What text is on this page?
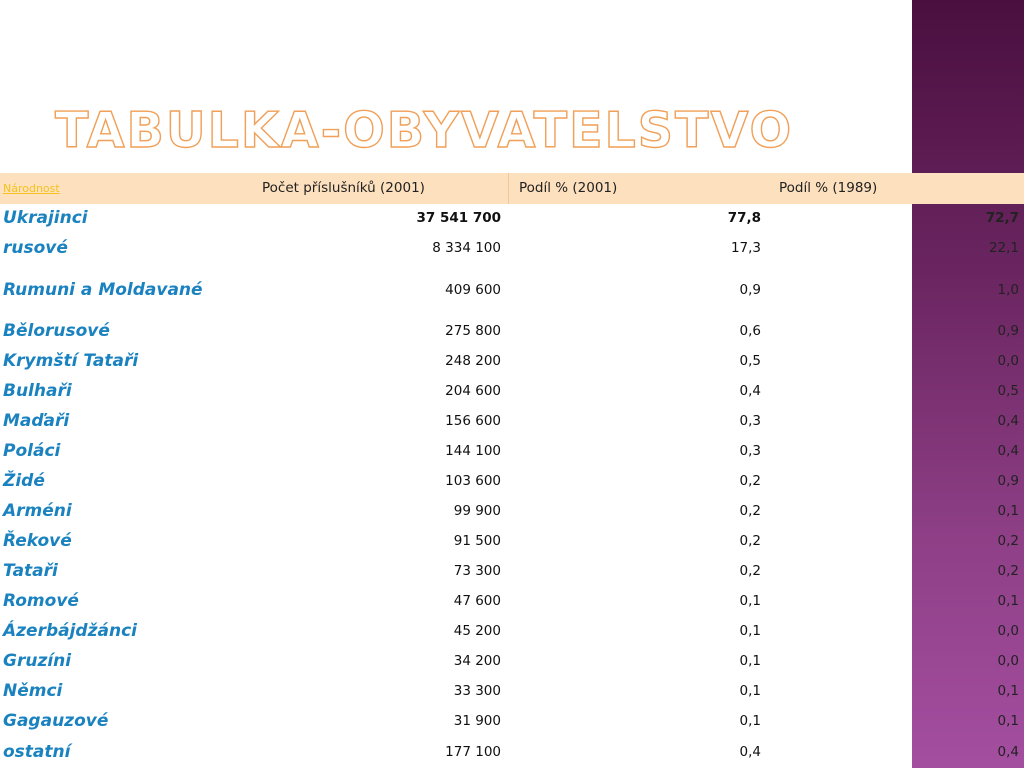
TABULKA-OBYVATELSTVO
Národnost	Počet příslušníků (2001)	Podíl % (2001)	Podíl % (1989)
Ukrajinci	37 541 700	77,8	72,7
rusové	8 334 100	17,3	22,1
Rumuni a Moldavané	409 600	0,9	1,0
Bělorusové	275 800	0,6	0,9
Krymští Tataři	248 200	0,5	0,0
Bulhaři	204 600	0,4	0,5
Maďaři	156 600	0,3	0,4
Poláci	144 100	0,3	0,4
Židé	103 600	0,2	0,9
Arméni	99 900	0,2	0,1
Řekové	91 500	0,2	0,2
Tataři	73 300	0,2	0,2
Romové	47 600	0,1	0,1
Ázerbájdžánci	45 200	0,1	0,0
Gruzíni	34 200	0,1	0,0
Němci	33 300	0,1	0,1
Gagauzové	31 900	0,1	0,1
ostatní	177 100	0,4	0,4
